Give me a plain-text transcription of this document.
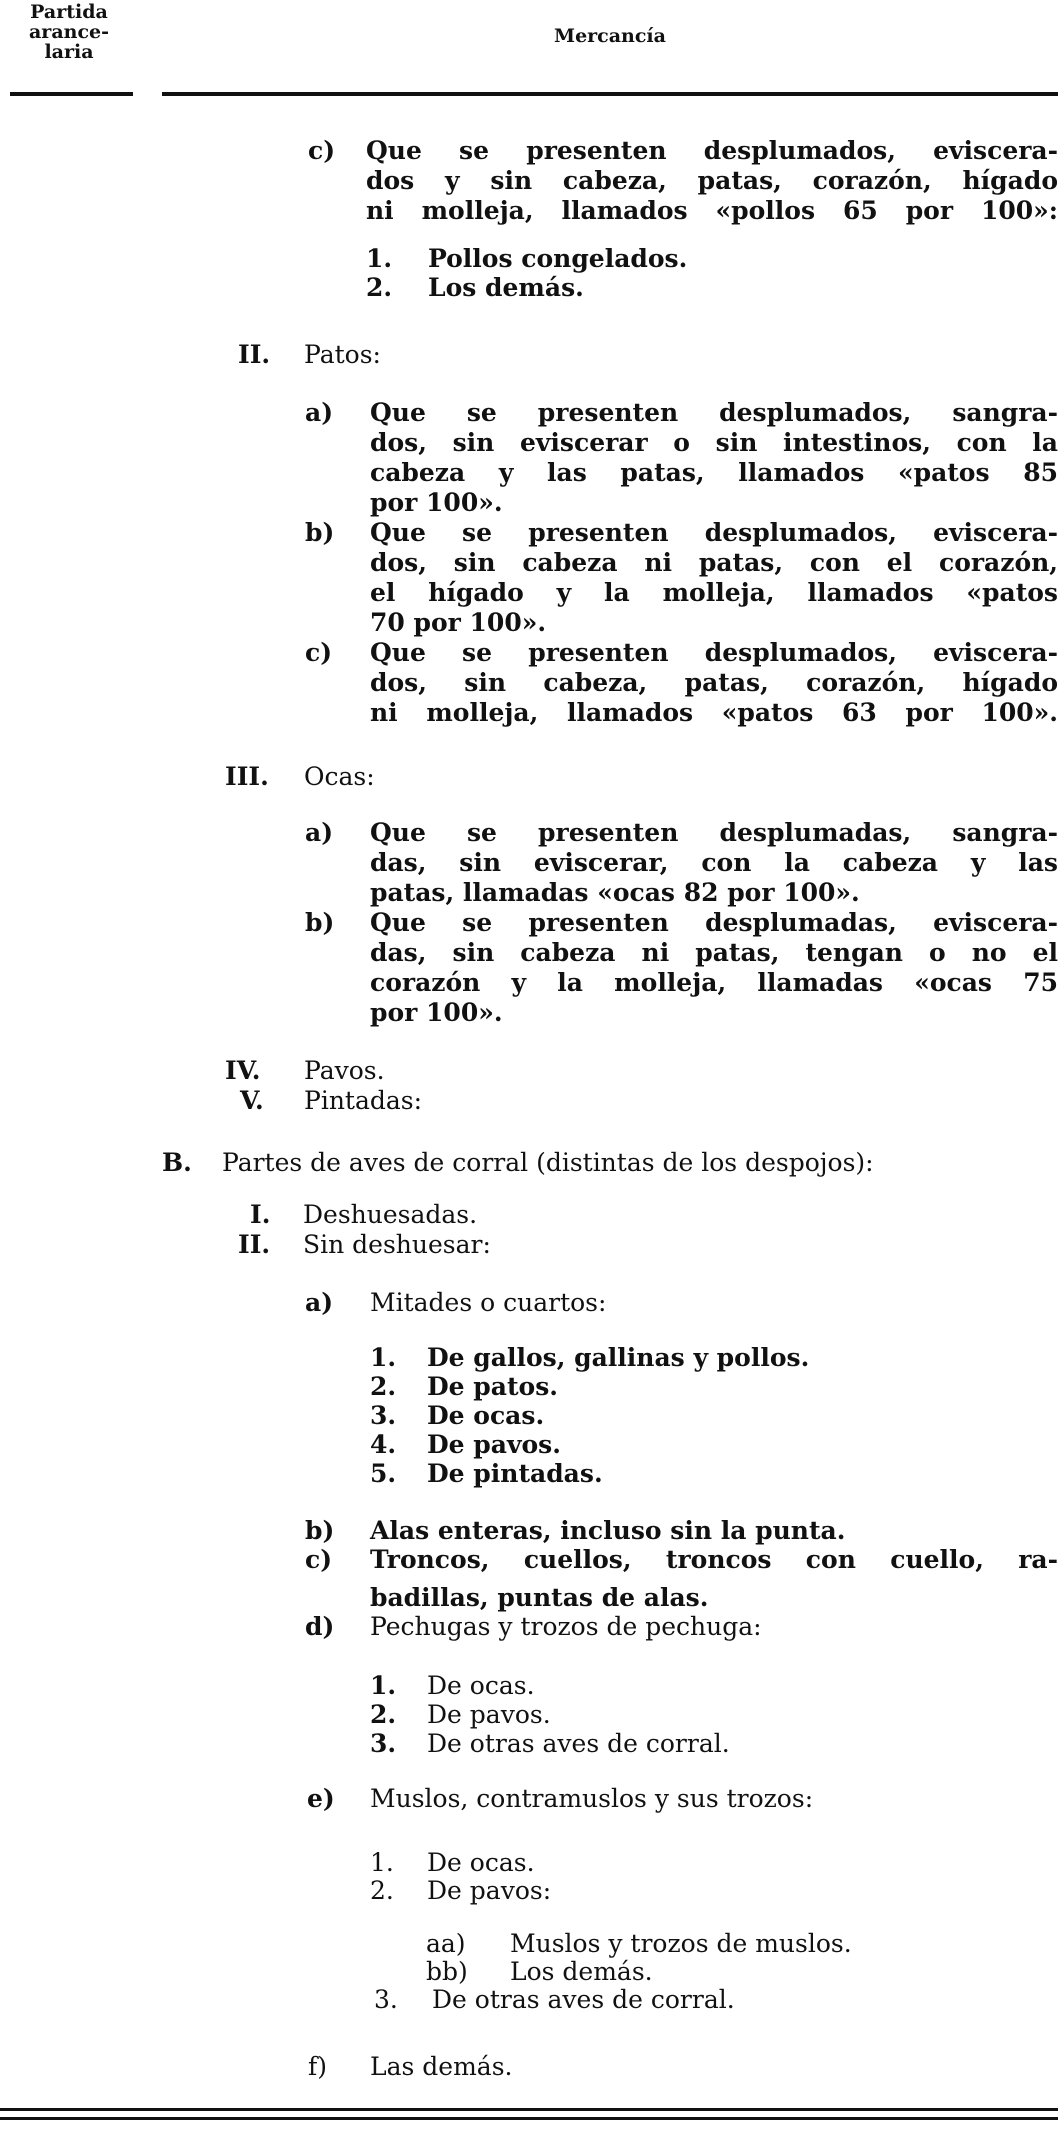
Partida
arance-
laria
Mercancía
c) Que se presenten desplumados, eviscera-
dos y sin cabeza, patas, corazón, hígado
ni molleja, llamados «pollos 65 por 100»:
1. Pollos congelados.
2. Los demás.
II. Patos:
a) Que se presenten desplumados, sangra-
dos, sin eviscerar o sin intestinos, con la
cabeza y las patas, llamados «patos 85
por 100».
b) Que se presenten desplumados, eviscera-
dos, sin cabeza ni patas, con el corazón,
el hígado y la molleja, llamados «patos
70 por 100».
c) Que se presenten desplumados, eviscera-
dos, sin cabeza, patas, corazón, hígado
ni molleja, llamados «patos 63 por 100».
III. Ocas:
a) Que se presenten desplumadas, sangra-
das, sin eviscerar, con la cabeza y las
patas, llamadas «ocas 82 por 100».
b) Que se presenten desplumadas, eviscera-
das, sin cabeza ni patas, tengan o no el
corazón y la molleja, llamadas «ocas 75
por 100».
IV. Pavos.
V. Pintadas:
B. Partes de aves de corral (distintas de los despojos):
I. Deshuesadas.
II. Sin deshuesar:
a) Mitades o cuartos:
1. De gallos, gallinas y pollos.
2. De patos.
3. De ocas.
4. De pavos.
5. De pintadas.
b) Alas enteras, incluso sin la punta.
c) Troncos, cuellos, troncos con cuello, ra-
badillas, puntas de alas.
d) Pechugas y trozos de pechuga:
1. De ocas.
2. De pavos.
3. De otras aves de corral.
e) Muslos, contramuslos y sus trozos:
1. De ocas.
2. De pavos:
aa) Muslos y trozos de muslos.
bb) Los demás.
3. De otras aves de corral.
f) Las demás.
